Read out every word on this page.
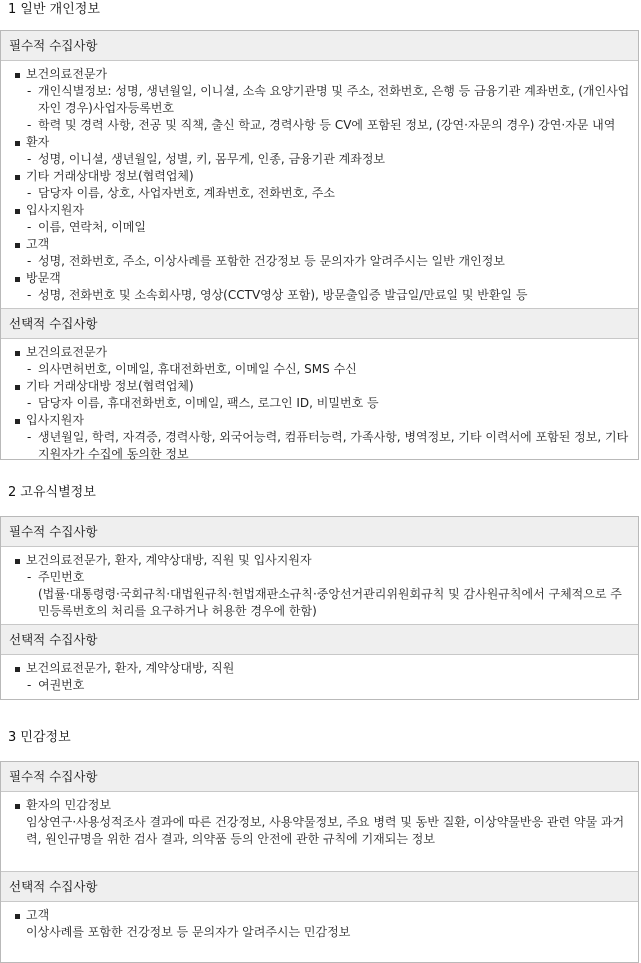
1 일반 개인정보
필수적 수집사항
보건의료전문가
- 개인식별정보: 성명, 생년월일, 이니셜, 소속 요양기관명 및 주소, 전화번호, 은행 등 금융기관 계좌번호, (개인사업자인 경우)사업자등록번호
- 학력 및 경력 사항, 전공 및 직책, 출신 학교, 경력사항 등 CV에 포함된 정보, (강연·자문의 경우) 강연·자문 내역
환자
- 성명, 이니셜, 생년월일, 성별, 키, 몸무게, 인종, 금융기관 계좌정보
기타 거래상대방 정보(협력업체)
- 담당자 이름, 상호, 사업자번호, 계좌번호, 전화번호, 주소
입사지원자
- 이름, 연락처, 이메일
고객
- 성명, 전화번호, 주소, 이상사례를 포함한 건강정보 등 문의자가 알려주시는 일반 개인정보
방문객
- 성명, 전화번호 및 소속회사명, 영상(CCTV영상 포함), 방문출입증 발급일/만료일 및 반환일 등
선택적 수집사항
보건의료전문가
- 의사면허번호, 이메일, 휴대전화번호, 이메일 수신, SMS 수신
기타 거래상대방 정보(협력업체)
- 담당자 이름, 휴대전화번호, 이메일, 팩스, 로그인 ID, 비밀번호 등
입사지원자
- 생년월일, 학력, 자격증, 경력사항, 외국어능력, 컴퓨터능력, 가족사항, 병역정보, 기타 이력서에 포함된 정보, 기타 지원자가 수집에 동의한 정보
2 고유식별정보
필수적 수집사항
보건의료전문가, 환자, 계약상대방, 직원 및 입사지원자
- 주민번호
(법률·대통령령·국회규칙·대법원규칙·헌법재판소규칙·중앙선거관리위원회규칙 및 감사원규칙에서 구체적으로 주민등록번호의 처리를 요구하거나 허용한 경우에 한함)
선택적 수집사항
보건의료전문가, 환자, 계약상대방, 직원
- 여권번호
3 민감정보
필수적 수집사항
환자의 민감정보
임상연구·사용성적조사 결과에 따른 건강정보, 사용약물정보, 주요 병력 및 동반 질환, 이상약물반응 관련 약물 과거력, 원인규명을 위한 검사 결과, 의약품 등의 안전에 관한 규칙에 기재되는 정보
선택적 수집사항
고객
이상사례를 포함한 건강정보 등 문의자가 알려주시는 민감정보
